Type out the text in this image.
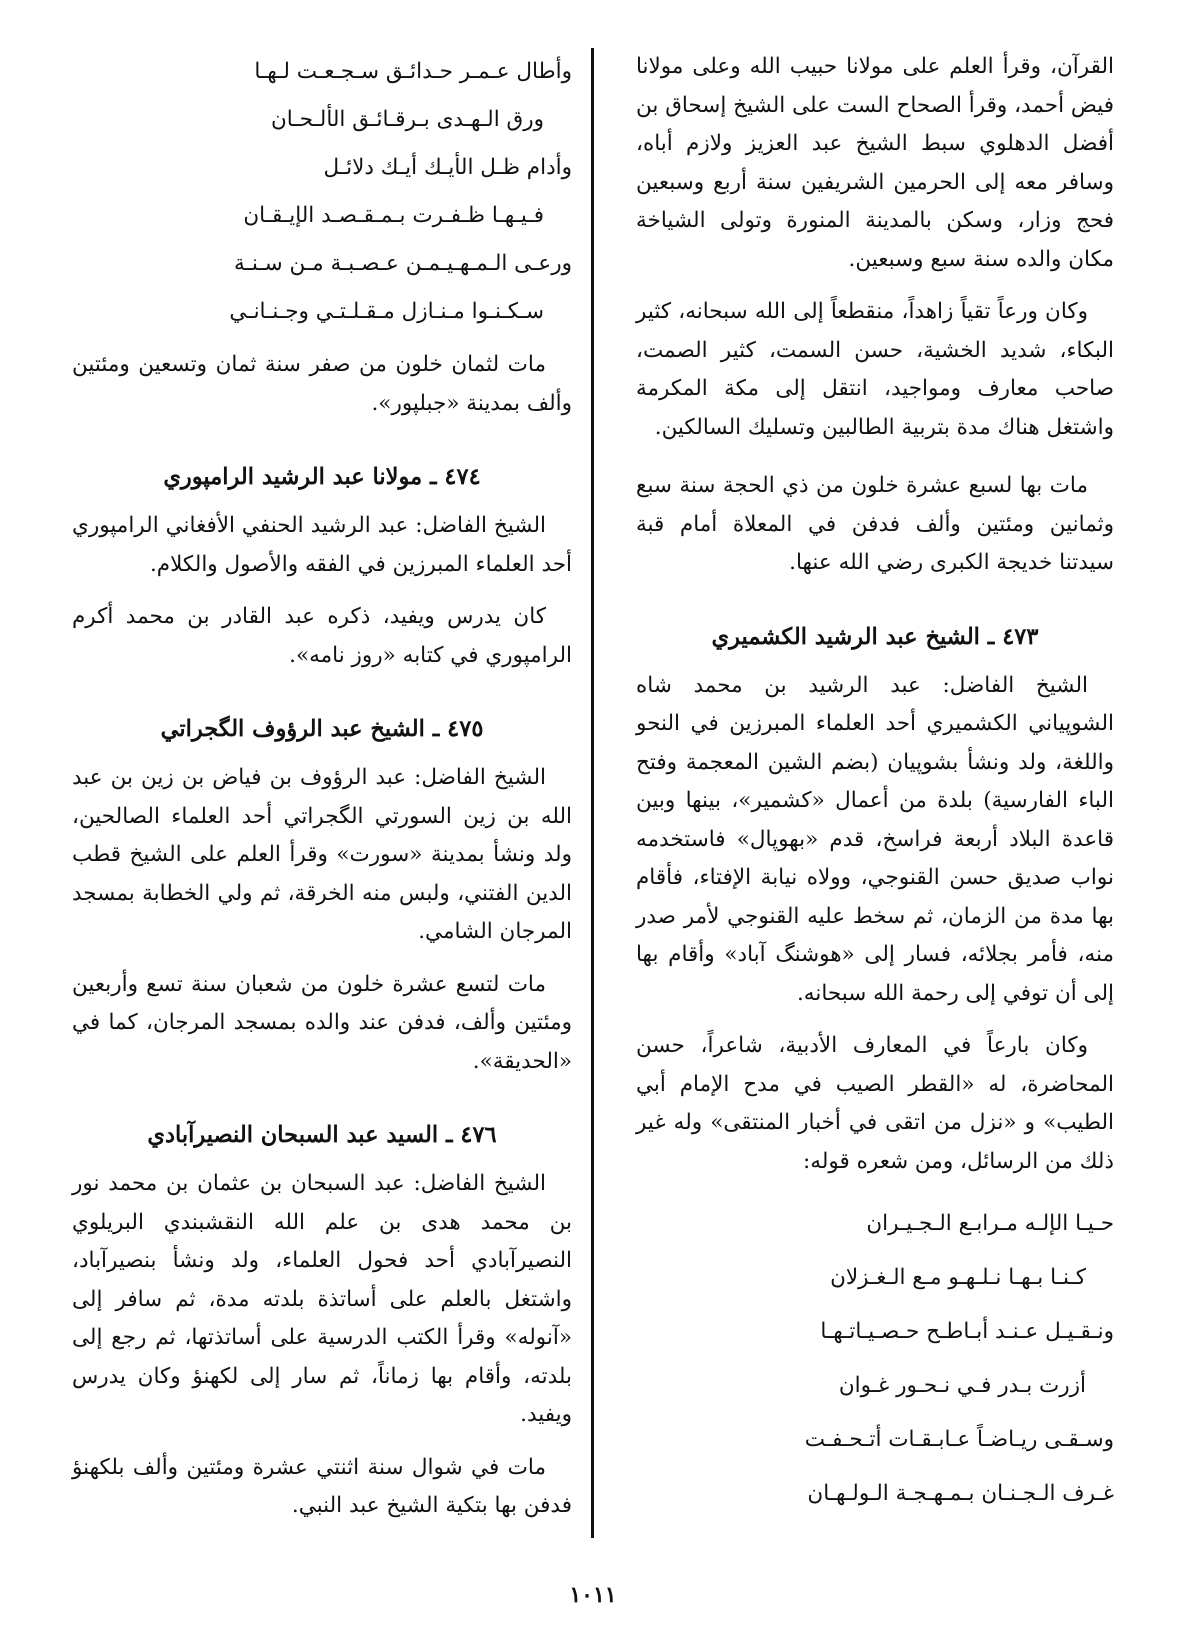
القرآن، وقرأ العلم على مولانا حبيب الله وعلى مولانا فيض أحمد، وقرأ الصحاح الست على الشيخ إسحاق بن أفضل الدهلوي سبط الشيخ عبد العزيز ولازم أباه، وسافر معه إلى الحرمين الشريفين سنة أربع وسبعين فحج وزار، وسكن بالمدينة المنورة وتولى الشياخة مكان والده سنة سبع وسبعين.

وكان ورعاً تقياً زاهداً، منقطعاً إلى الله سبحانه، كثير البكاء، شديد الخشية، حسن السمت، كثير الصمت، صاحب معارف ومواجيد، انتقل إلى مكة المكرمة واشتغل هناك مدة بتربية الطالبين وتسليك السالكين.

مات بها لسبع عشرة خلون من ذي الحجة سنة سبع وثمانين ومئتين وألف فدفن في المعلاة أمام قبة سيدتنا خديجة الكبرى رضي الله عنها.

٤٧٣ ـ الشيخ عبد الرشيد الكشميري

الشيخ الفاضل: عبد الرشيد بن محمد شاه الشوپياني الكشميري أحد العلماء المبرزين في النحو واللغة، ولد ونشأ بشوپيان (بضم الشين المعجمة وفتح الباء الفارسية) بلدة من أعمال «كشمير»، بينها وبين قاعدة البلاد أربعة فراسخ، قدم «بهوپال» فاستخدمه نواب صديق حسن القنوجي، وولاه نيابة الإفتاء، فأقام بها مدة من الزمان، ثم سخط عليه القنوجي لأمر صدر منه، فأمر بجلائه، فسار إلى «هوشنگ آباد» وأقام بها إلى أن توفي إلى رحمة الله سبحانه.

وكان بارعاً في المعارف الأدبية، شاعراً، حسن المحاضرة، له «القطر الصيب في مدح الإمام أبي الطيب» و «نزل من اتقى في أخبار المنتقى» وله غير ذلك من الرسائل، ومن شعره قوله:

حـيـا الإلـه مـرابـع الـجـيـران
كـنـا بـهـا نـلـهـو مـع الـغـزلان
ونـقـيـل عـنـد أبـاطـح حـصـيـاتـهـا
أزرت بـدر فـي نـحـور غـوان
وسـقـى ريـاضـاً عـابـقـات أتـحـفـت
غـرف الـجـنـان بـمـهـجـة الـولـهـان
وأطال عـمـر حـدائـق سـجـعـت لـهـا
ورق الـهـدى بـرقـائـق الألـحـان
وأدام ظـل الأيـك أيـك دلائـل
فـيـهـا ظـفـرت بـمـقـصـد الإيـقـان
ورعـى الـمـهـيـمـن عـصـبـة مـن سـنـة
سـكـنـوا مـنـازل مـقـلـتـي وجـنـانـي

مات لثمان خلون من صفر سنة ثمان وتسعين ومئتين وألف بمدينة «جبلپور».

٤٧٤ ـ مولانا عبد الرشيد الرامپوري

الشيخ الفاضل: عبد الرشيد الحنفي الأفغاني الرامپوري أحد العلماء المبرزين في الفقه والأصول والكلام.

كان يدرس ويفيد، ذكره عبد القادر بن محمد أكرم الرامپوري في كتابه «روز نامه».

٤٧٥ ـ الشيخ عبد الرؤوف الگجراتي

الشيخ الفاضل: عبد الرؤوف بن فياض بن زين بن عبد الله بن زين السورتي الگجراتي أحد العلماء الصالحين، ولد ونشأ بمدينة «سورت» وقرأ العلم على الشيخ قطب الدين الفتني، ولبس منه الخرقة، ثم ولي الخطابة بمسجد المرجان الشامي.

مات لتسع عشرة خلون من شعبان سنة تسع وأربعين ومئتين وألف، فدفن عند والده بمسجد المرجان، كما في «الحديقة».

٤٧٦ ـ السيد عبد السبحان النصيرآبادي

الشيخ الفاضل: عبد السبحان بن عثمان بن محمد نور بن محمد هدى بن علم الله النقشبندي البريلوي النصيرآبادي أحد فحول العلماء، ولد ونشأ بنصيرآباد، واشتغل بالعلم على أساتذة بلدته مدة، ثم سافر إلى «آنوله» وقرأ الكتب الدرسية على أساتذتها، ثم رجع إلى بلدته، وأقام بها زماناً، ثم سار إلى لكهنؤ وكان يدرس ويفيد.

مات في شوال سنة اثنتي عشرة ومئتين وألف بلكهنؤ فدفن بها بتكية الشيخ عبد النبي.

١٠١١
